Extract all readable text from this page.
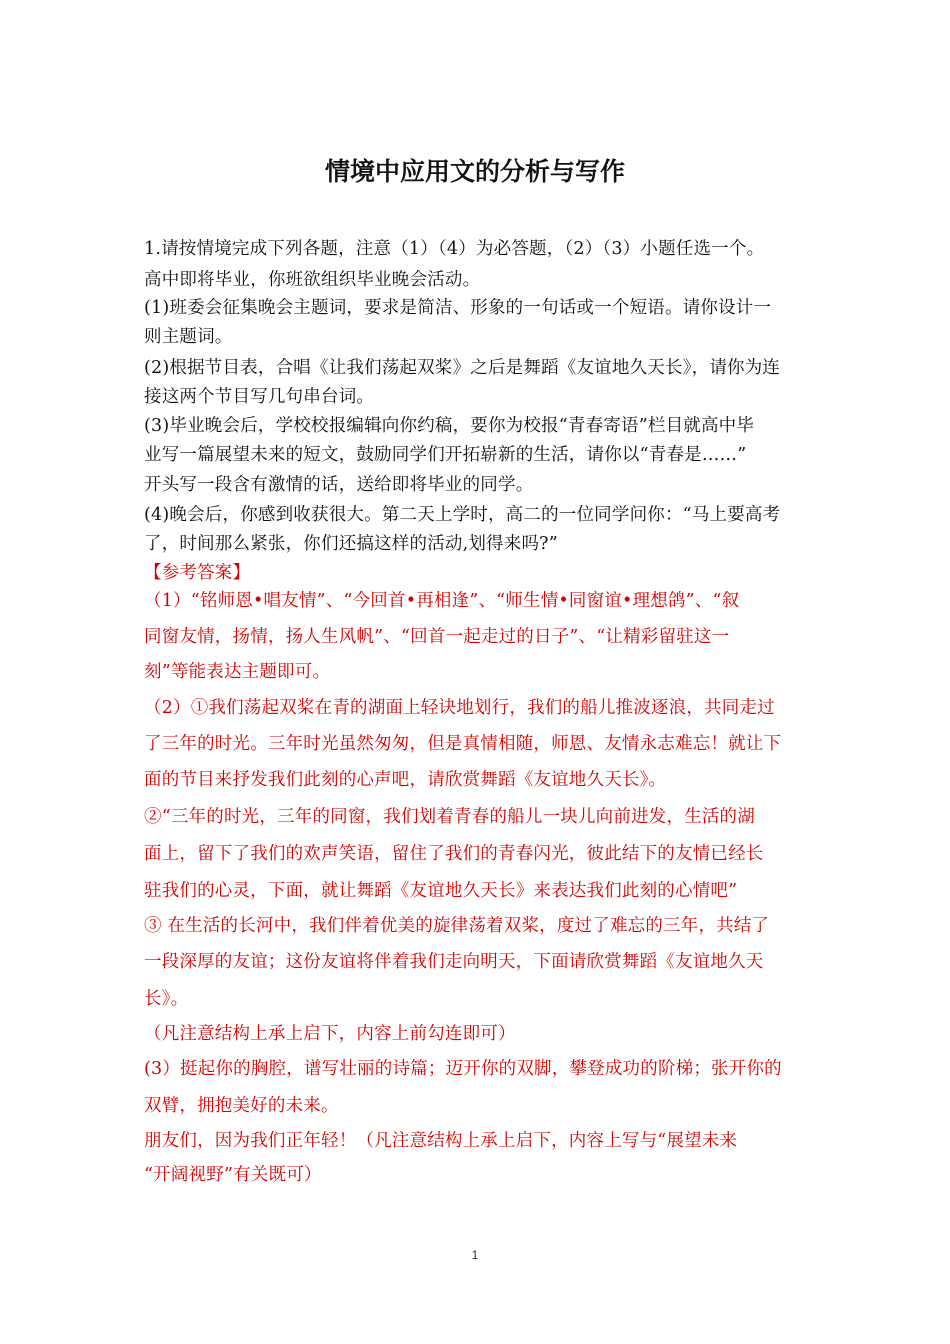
情境中应用文的分析与写作
1.请按情境完成下列各题，注意（1）（4）为必答题，（2）（3）小题任选一个。
高中即将毕业，你班欲组织毕业晚会活动。
(1)班委会征集晚会主题词，要求是简洁、形象的一句话或一个短语。请你设计一
则主题词。
(2)根据节目表，合唱《让我们荡起双桨》之后是舞蹈《友谊地久天长》，请你为连
接这两个节目写几句串台词。
(3)毕业晚会后，学校校报编辑向你约稿，要你为校报“青春寄语”栏目就高中毕
业写一篇展望未来的短文，鼓励同学们开拓崭新的生活，请你以“青春是……”
开头写一段含有激情的话，送给即将毕业的同学。
(4)晚会后，你感到收获很大。第二天上学时，高二的一位同学问你：“马上要高考
了，时间那么紧张，你们还搞这样的活动,划得来吗?”
【参考答案】
（1）“铭师恩•唱友情”、“今回首•再相逢”、“师生情•同窗谊•理想鸽”、“叙
同窗友情，扬情，扬人生风帆”、“回首一起走过的日子”、“让精彩留驻这一
刻”等能表达主题即可。
（2）①我们荡起双桨在青的湖面上轻诀地划行，我们的船儿推波逐浪，共同走过
了三年的时光。三年时光虽然匆匆，但是真情相随，师恩、友情永志难忘！就让下
面的节目来抒发我们此刻的心声吧，请欣赏舞蹈《友谊地久天长》。
②“三年的时光，三年的同窗，我们划着青春的船儿一块儿向前进发，生活的湖
面上，留下了我们的欢声笑语，留住了我们的青春闪光，彼此结下的友情已经长
驻我们的心灵，下面，就让舞蹈《友谊地久天长》来表达我们此刻的心情吧”
③ 在生活的长河中，我们伴着优美的旋律荡着双桨，度过了难忘的三年，共结了
一段深厚的友谊；这份友谊将伴着我们走向明天，下面请欣赏舞蹈《友谊地久天
长》。
（凡注意结构上承上启下，内容上前勾连即可）
(3）挺起你的胸腔，谱写壮丽的诗篇；迈开你的双脚，攀登成功的阶梯；张开你的
双臂，拥抱美好的未来。
朋友们，因为我们正年轻！（凡注意结构上承上启下，内容上写与“展望未来
“开阔视野”有关既可）
1
